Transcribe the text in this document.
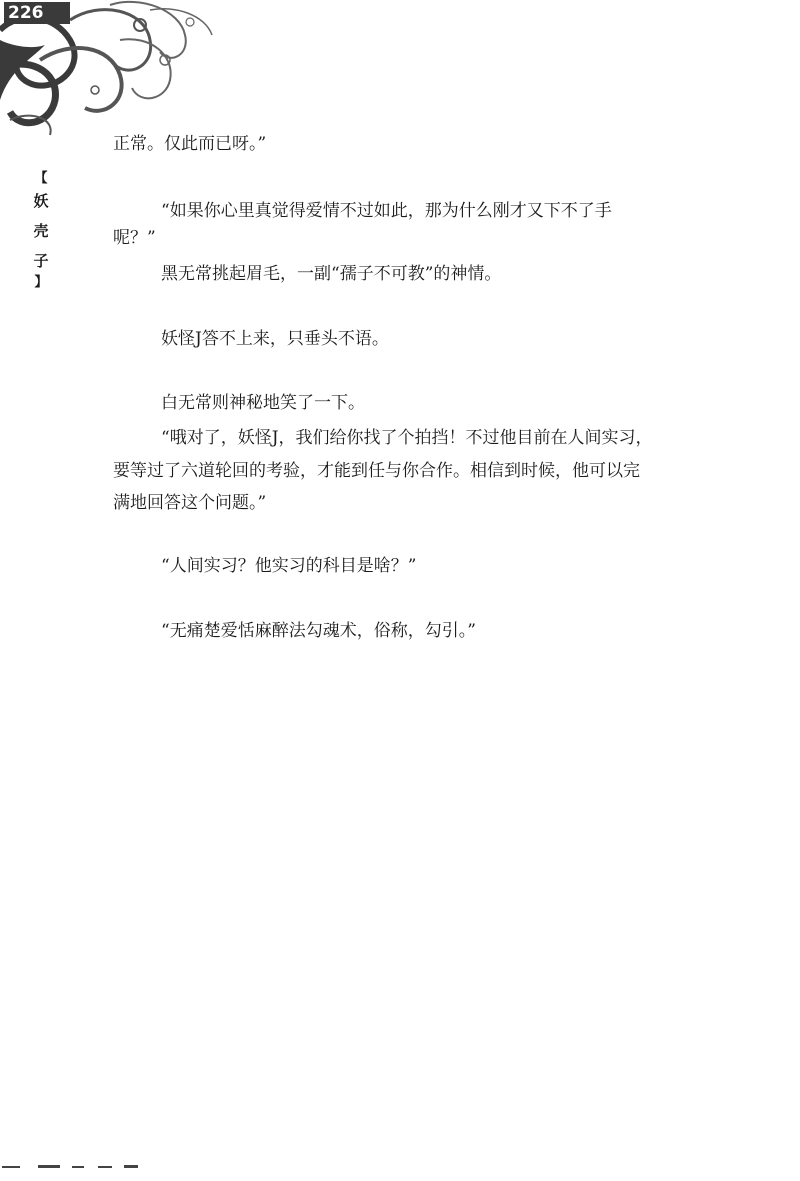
226
【
妖
壳
子
】
正常。仅此而已呀。”
“如果你心里真觉得爱情不过如此，那为什么刚才又下不了手
呢？”
黑无常挑起眉毛，一副“孺子不可教”的神情。
妖怪J答不上来，只垂头不语。
白无常则神秘地笑了一下。
“哦对了，妖怪J，我们给你找了个拍挡！不过他目前在人间实习，
要等过了六道轮回的考验，才能到任与你合作。相信到时候，他可以完
满地回答这个问题。”
“人间实习？他实习的科目是啥？”
“无痛楚爱恬麻醉法勾魂术，俗称，勾引。”
